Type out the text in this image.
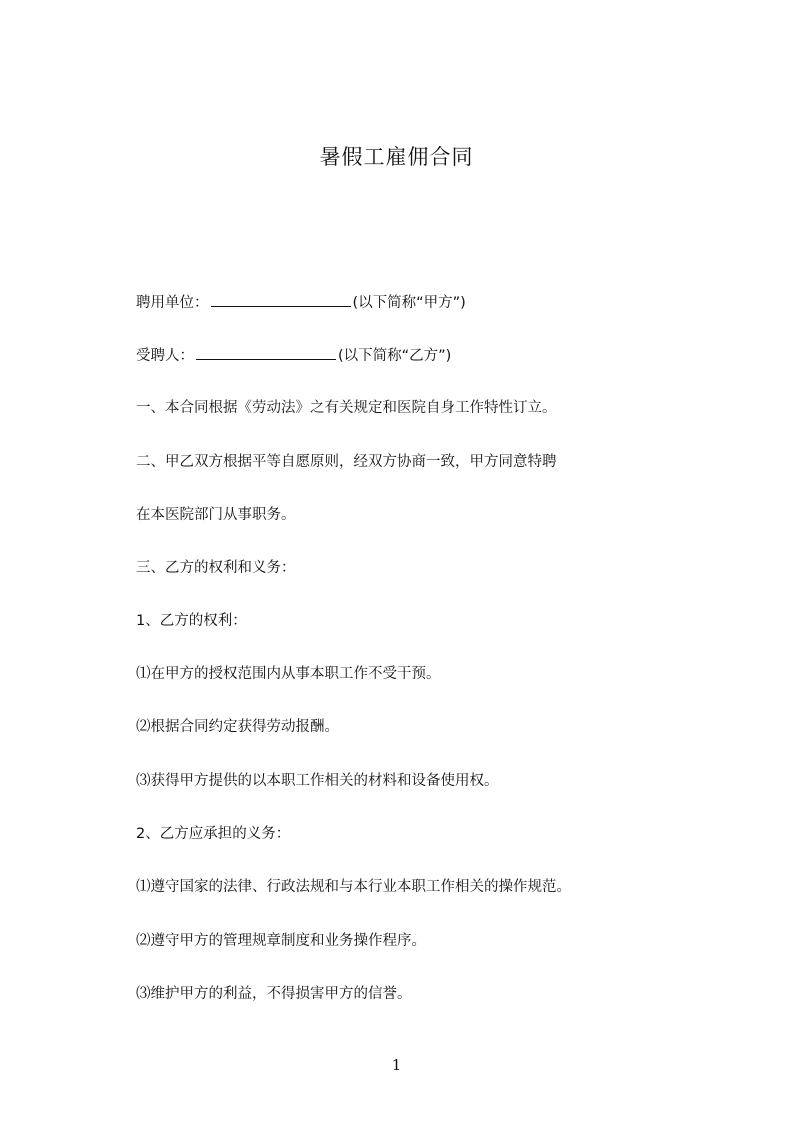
暑假工雇佣合同
聘用单位：	(以下简称“甲方”)
受聘人：	(以下简称“乙方”)
一、本合同根据《劳动法》之有关规定和医院自身工作特性订立。
二、甲乙双方根据平等自愿原则，经双方协商一致，甲方同意特聘
在本医院部门从事职务。
三、乙方的权利和义务：
1、乙方的权利：
⑴在甲方的授权范围内从事本职工作不受干预。
⑵根据合同约定获得劳动报酬。
⑶获得甲方提供的以本职工作相关的材料和设备使用权。
2、乙方应承担的义务：
⑴遵守国家的法律、行政法规和与本行业本职工作相关的操作规范。
⑵遵守甲方的管理规章制度和业务操作程序。
⑶维护甲方的利益，不得损害甲方的信誉。
1
